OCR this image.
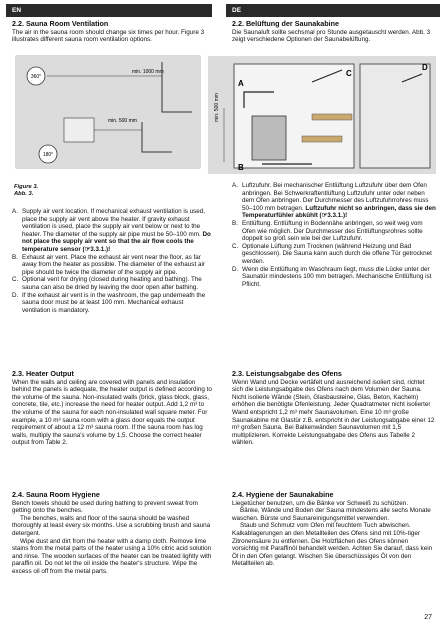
EN	DE
2.2. Sauna Room Ventilation

The air in the sauna room should change six times per hour. Figure 3 illustrates different sauna room ventilation options.

2.2. Belüftung der Saunakabine

Die Saunaluft sollte sechsmal pro Stunde ausgetauscht werden. Abb. 3 zeigt verschiedene Optionen der Saunabelüftung.

360°
min. 1000 mm
min. 500 mm
180°
min. 500 mm
A
B
C
D
Figure 3.
Abb. 3.
A. Supply air vent location. If mechanical exhaust ventilation is used, place the supply air vent above the heater. If gravity exhaust ventilation is used, place the supply air vent below or next to the heater. The diameter of the supply air pipe must be 50–100 mm. Do not place the supply air vent so that the air flow cools the temperature sensor (☞3.3.1.)!
B. Exhaust air vent. Place the exhaust air vent near the floor, as far away from the heater as possible. The diameter of the exhaust air pipe should be twice the diameter of the supply air pipe.
C. Optional vent for drying (closed during heating and bathing). The sauna can also be dried by leaving the door open after bathing.
D. If the exhaust air vent is in the washroom, the gap underneath the sauna door must be at least 100 mm. Mechanical exhaust ventilation is mandatory.
A. Luftzufuhr. Bei mechanischer Entlüftung Luftzufuhr über dem Ofen anbringen. Bei Schwerkraftentlüftung Luftzufuhr unter oder neben dem Ofen anbringen. Der Durchmesser des Luftzufuhrrohres muss 50–100 mm betragen. Luftzufuhr nicht so anbringen, dass sie den Temperaturfühler abkühlt (☞3.3.1.)!
B. Entlüftung. Entlüftung in Bodennähe anbringen, so weit weg vom Ofen wie möglich. Der Durchmesser des Entlüftungsrohres sollte doppelt so groß sein wie bei der Luftzufuhr.
C. Optionale Lüftung zum Trocknen (während Heizung und Bad geschlossen). Die Sauna kann auch durch die offene Tür getrocknet werden.
D. Wenn die Entlüftung im Waschraum liegt, muss die Lücke unter der Saunatür mindestens 100 mm betragen. Mechanische Entlüftung ist Pflicht.
2.3. Heater Output

When the walls and ceiling are covered with panels and insulation behind the panels is adequate, the heater output is defined according to the volume of the sauna. Non-insulated walls (brick, glass block, glass, concrete, tile, etc.) increase the need for heater output. Add 1,2 m³ to the volume of the sauna for each non-insulated wall square meter. For example, a 10 m³ sauna room with a glass door equals the output requirement of about a 12 m³ sauna room. If the sauna room has log walls, multiply the sauna's volume by 1,5. Choose the correct heater output from Table 2.

2.3. Leistungsabgabe des Ofens

Wenn Wand und Decke vertäfelt und ausreichend isoliert sind, richtet sich die Leistungsabgabe des Ofens nach dem Volumen der Sauna. Nicht isolierte Wände (Stein, Glasbausteine, Glas, Beton, Kacheln) erhöhen die benötigte Ofenleistung. Jeder Quadratmeter nicht isolierter Wand entspricht 1,2 m³ mehr Saunavolumen. Eine 10 m³ große Saunakabine mit Glastür z.B. entspricht in der Leistungsabgabe einer 12 m³ großen Sauna. Bei Balkenwänden Saunavolumen mit 1,5 multiplizieren. Korrekte Leistungsabgabe des Ofens aus Tabelle 2 wählen.

2.4. Sauna Room Hygiene

Bench towels should be used during bathing to prevent sweat from getting onto the benches.

The benches, walls and floor of the sauna should be washed thoroughly at least every six months. Use a scrubbing brush and sauna detergent.

Wipe dust and dirt from the heater with a damp cloth. Remove lime stains from the metal parts of the heater using a 10% citric acid solution and rinse. The wooden surfaces of the heater can be treated lightly with paraffin oil. Do not let the oil inside the heater's structure. Wipe the excess oil off from the metal parts.

2.4. Hygiene der Saunakabine

Liegetücher benutzen, um die Bänke vor Schweiß zu schützen.

Bänke, Wände und Boden der Sauna mindestens alle sechs Monate waschen. Bürste und Saunareinigungsmittel verwenden.

Staub und Schmutz vom Ofen mit feuchtem Tuch abwischen. Kalkablagerungen an den Metallteilen des Ofens sind mit 10%-tiger Zitronensäure zu entfernen. Die Holzflächen des Ofens können vorsichtig mit Paraffinöl behandelt werden. Achten Sie darauf, dass kein Öl in den Ofen gelangt. Wischen Sie überschüssiges Öl von den Metallteilen ab.

27
